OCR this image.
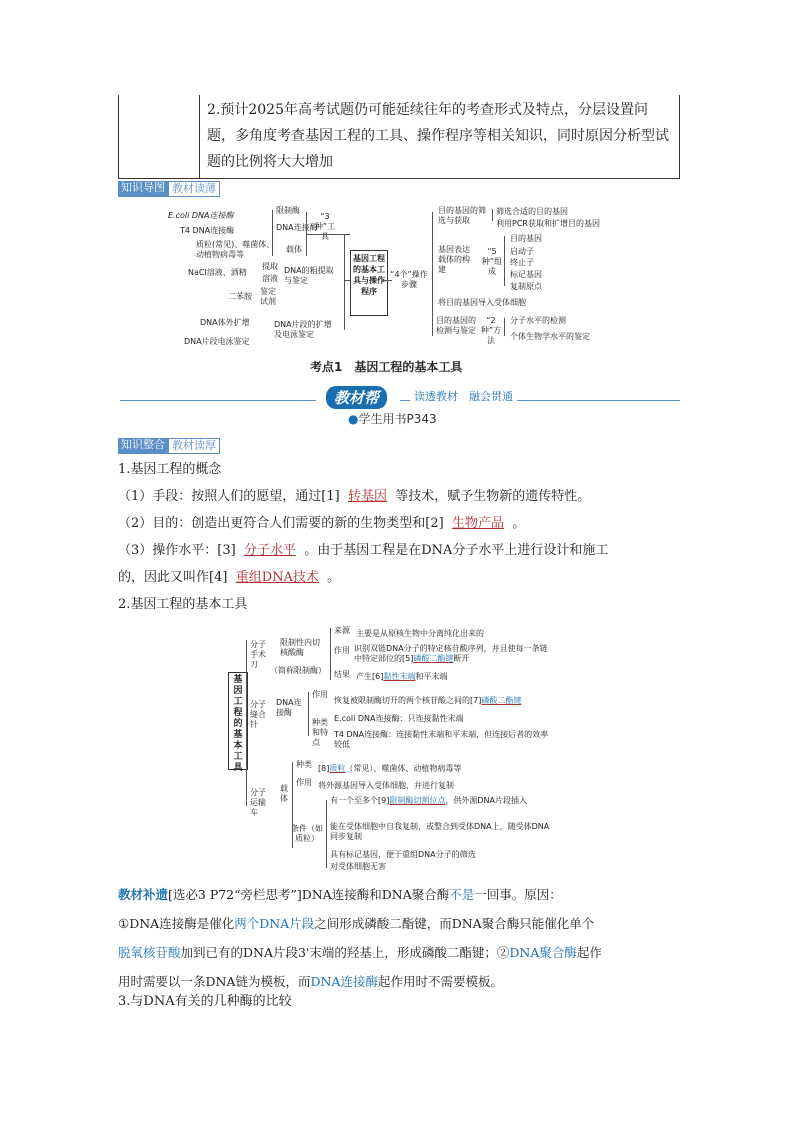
2.预计2025年高考试题仍可能延续往年的考查形式及特点，分层设置问题，多角度考查基因工程的工具、操作程序等相关知识，同时原因分析型试题的比例将大大增加
知识导图 教材读薄
E.coli DNA连接酶
T4 DNA连接酶
质粒(常见)、噬菌体、动植物病毒等
NaCl溶液、酒精
二苯胺
DNA体外扩增
DNA片段电泳鉴定
限制酶
DNA连接酶
载体
提取
溶液
鉴定试剂
DNA的粗提取与鉴定
DNA片段的扩增及电泳鉴定
“3种”工具
基因工程的基本工具与操作程序
“4个”操作步骤
目的基因的筛选与获取
基因表达载体的构建
将目的基因导入受体细胞
目的基因的检测与鉴定
筛选合适的目的基因
利用PCR获取和扩增目的基因
目的基因
启动子
终止子
标记基因
复制原点
分子水平的检测
个体生物学水平的鉴定
“5种”组成
“2种”方法
考点1　基因工程的基本工具
教材帮	读透教材　融会贯通
●学生用书P343
知识整合 教材读厚
1.基因工程的概念
（1）手段：按照人们的愿望，通过[1] 转基因 等技术，赋予生物新的遗传特性。
（2）目的：创造出更符合人们需要的新的生物类型和[2] 生物产品 。
（3）操作水平：[3] 分子水平 。由于基因工程是在DNA分子水平上进行设计和施工
的，因此又叫作[4] 重组DNA技术 。
2.基因工程的基本工具
基因工程的基本工具
分子手术刀
限制性内切核酸酶
（简称限制酶）
来源 主要是从原核生物中分离纯化出来的
作用 识别双链DNA分子的特定核苷酸序列，并且使每一条链中特定部位的[5]磷酸二酯键断开
结果 产生[6]黏性末端和平末端
分子缝合针
DNA连接酶
作用
恢复被限制酶切开的两个核苷酸之间的[7]磷酸二酯键
种类和特点
E.coli DNA连接酶：只连接黏性末端
T4 DNA连接酶：连接黏性末端和平末端，但连接后者的效率较低
分子运输车
载体
种类 [8]质粒（常见）、噬菌体、动植物病毒等
作用 将外源基因导入受体细胞，并进行复制
条件（如质粒）
有一个至多个[9]限制酶切割位点，供外源DNA片段插入
能在受体细胞中自我复制，或整合到受体DNA上，随受体DNA同步复制
具有标记基因，便于重组DNA分子的筛选
对受体细胞无害
教材补遗[选必3 P72“旁栏思考”]DNA连接酶和DNA聚合酶不是一回事。原因：
①DNA连接酶是催化两个DNA片段之间形成磷酸二酯键，而DNA聚合酶只能催化单个
脱氧核苷酸加到已有的DNA片段3'末端的羟基上，形成磷酸二酯键；②DNA聚合酶起作
用时需要以一条DNA链为模板，而DNA连接酶起作用时不需要模板。
3.与DNA有关的几种酶的比较
